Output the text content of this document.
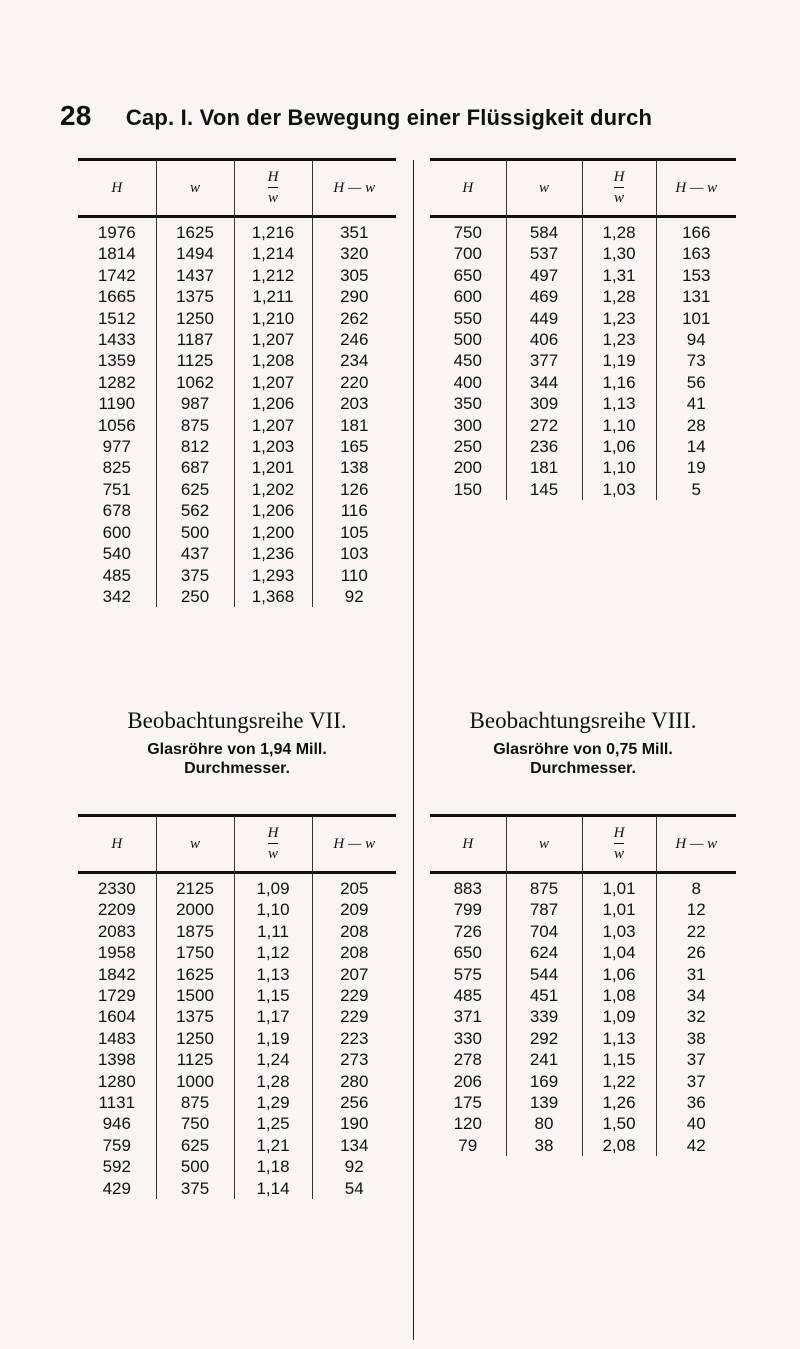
28 Cap. I. Von der Bewegung einer Flüssigkeit durch
H	w	$\frac{H}{w}$	H — w
1976	1625	1,216	351
1814	1494	1,214	320
1742	1437	1,212	305
1665	1375	1,211	290
1512	1250	1,210	262
1433	1187	1,207	246
1359	1125	1,208	234
1282	1062	1,207	220
1190	987	1,206	203
1056	875	1,207	181
977	812	1,203	165
825	687	1,201	138
751	625	1,202	126
678	562	1,206	116
600	500	1,200	105
540	437	1,236	103
485	375	1,293	110
342	250	1,368	92
H	w	$\frac{H}{w}$	H — w
750	584	1,28	166
700	537	1,30	163
650	497	1,31	153
600	469	1,28	131
550	449	1,23	101
500	406	1,23	94
450	377	1,19	73
400	344	1,16	56
350	309	1,13	41
300	272	1,10	28
250	236	1,06	14
200	181	1,10	19
150	145	1,03	5

Beobachtungsreihe VII.

Glasröhre von 1,94 Mill.
Durchmesser.

H	w	$\frac{H}{w}$	H — w
2330	2125	1,09	205
2209	2000	1,10	209
2083	1875	1,11	208
1958	1750	1,12	208
1842	1625	1,13	207
1729	1500	1,15	229
1604	1375	1,17	229
1483	1250	1,19	223
1398	1125	1,24	273
1280	1000	1,28	280
1131	875	1,29	256
946	750	1,25	190
759	625	1,21	134
592	500	1,18	92
429	375	1,14	54

Beobachtungsreihe VIII.

Glasröhre von 0,75 Mill.
Durchmesser.

H	w	$\frac{H}{w}$	H — w
883	875	1,01	8
799	787	1,01	12
726	704	1,03	22
650	624	1,04	26
575	544	1,06	31
485	451	1,08	34
371	339	1,09	32
330	292	1,13	38
278	241	1,15	37
206	169	1,22	37
175	139	1,26	36
120	80	1,50	40
79	38	2,08	42
